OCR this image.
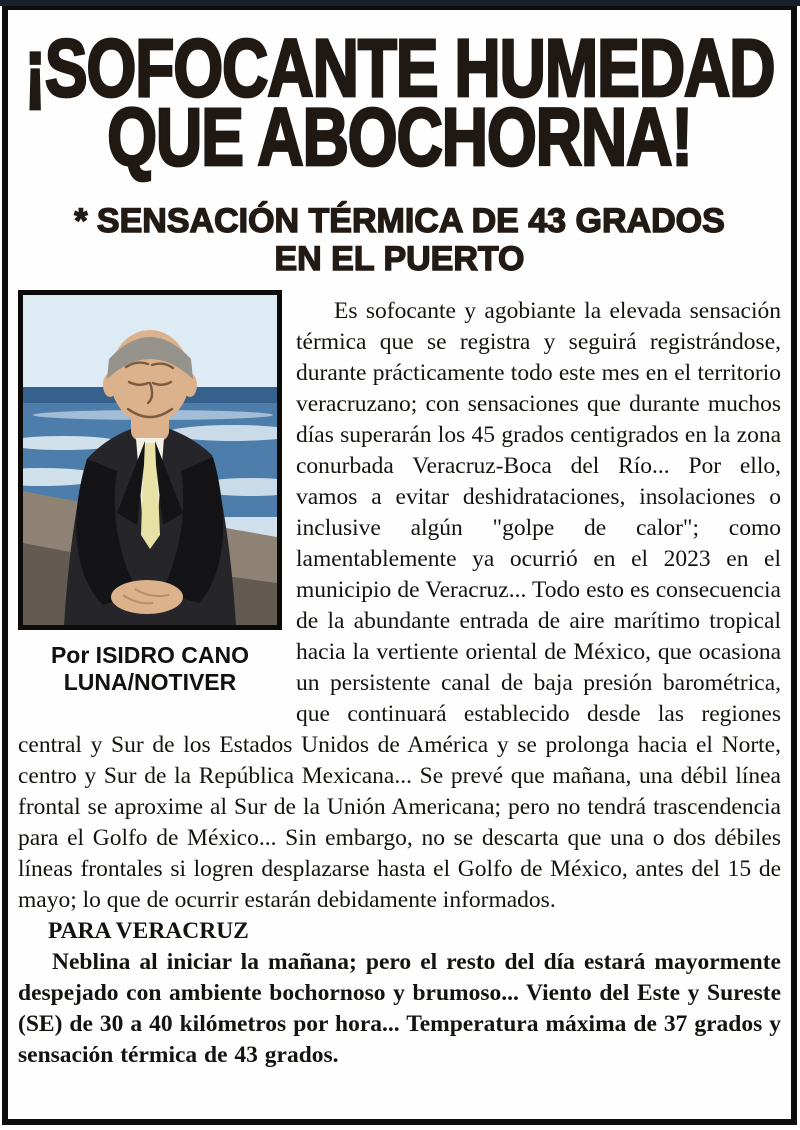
¡SOFOCANTE HUMEDAD
QUE ABOCHORNA!
* SENSACIÓN TÉRMICA DE 43 GRADOS
EN EL PUERTO
Por ISIDRO CANO
LUNA/NOTIVER

Es sofocante y agobiante la elevada sensación térmica que se registra y seguirá registrándose, durante prácticamente todo este mes en el territorio veracruzano; con sensaciones que durante muchos días superarán los 45 grados centigrados en la zona conurbada Veracruz-Boca del Río... Por ello, vamos a evitar deshidrataciones, insolaciones o inclusive algún "golpe de calor"; como lamentablemente ya ocurrió en el 2023 en el municipio de Veracruz... Todo esto es consecuencia de la abundante entrada de aire marítimo tropical hacia la vertiente oriental de México, que ocasiona un persistente canal de baja presión barométrica, que continuará establecido desde las regiones central y Sur de los Estados Unidos de América y se prolonga hacia el Norte, centro y Sur de la República Mexicana... Se prevé que mañana, una débil línea frontal se aproxime al Sur de la Unión Americana; pero no tendrá trascendencia para el Golfo de México... Sin embargo, no se descarta que una o dos débiles líneas frontales si logren desplazarse hasta el Golfo de México, antes del 15 de mayo; lo que de ocurrir estarán debidamente informados.

PARA VERACRUZ

Neblina al iniciar la mañana; pero el resto del día estará mayormente despejado con ambiente bochornoso y brumoso... Viento del Este y Sureste (SE) de 30 a 40 kilómetros por hora... Temperatura máxima de 37 grados y sensación térmica de 43 grados.
